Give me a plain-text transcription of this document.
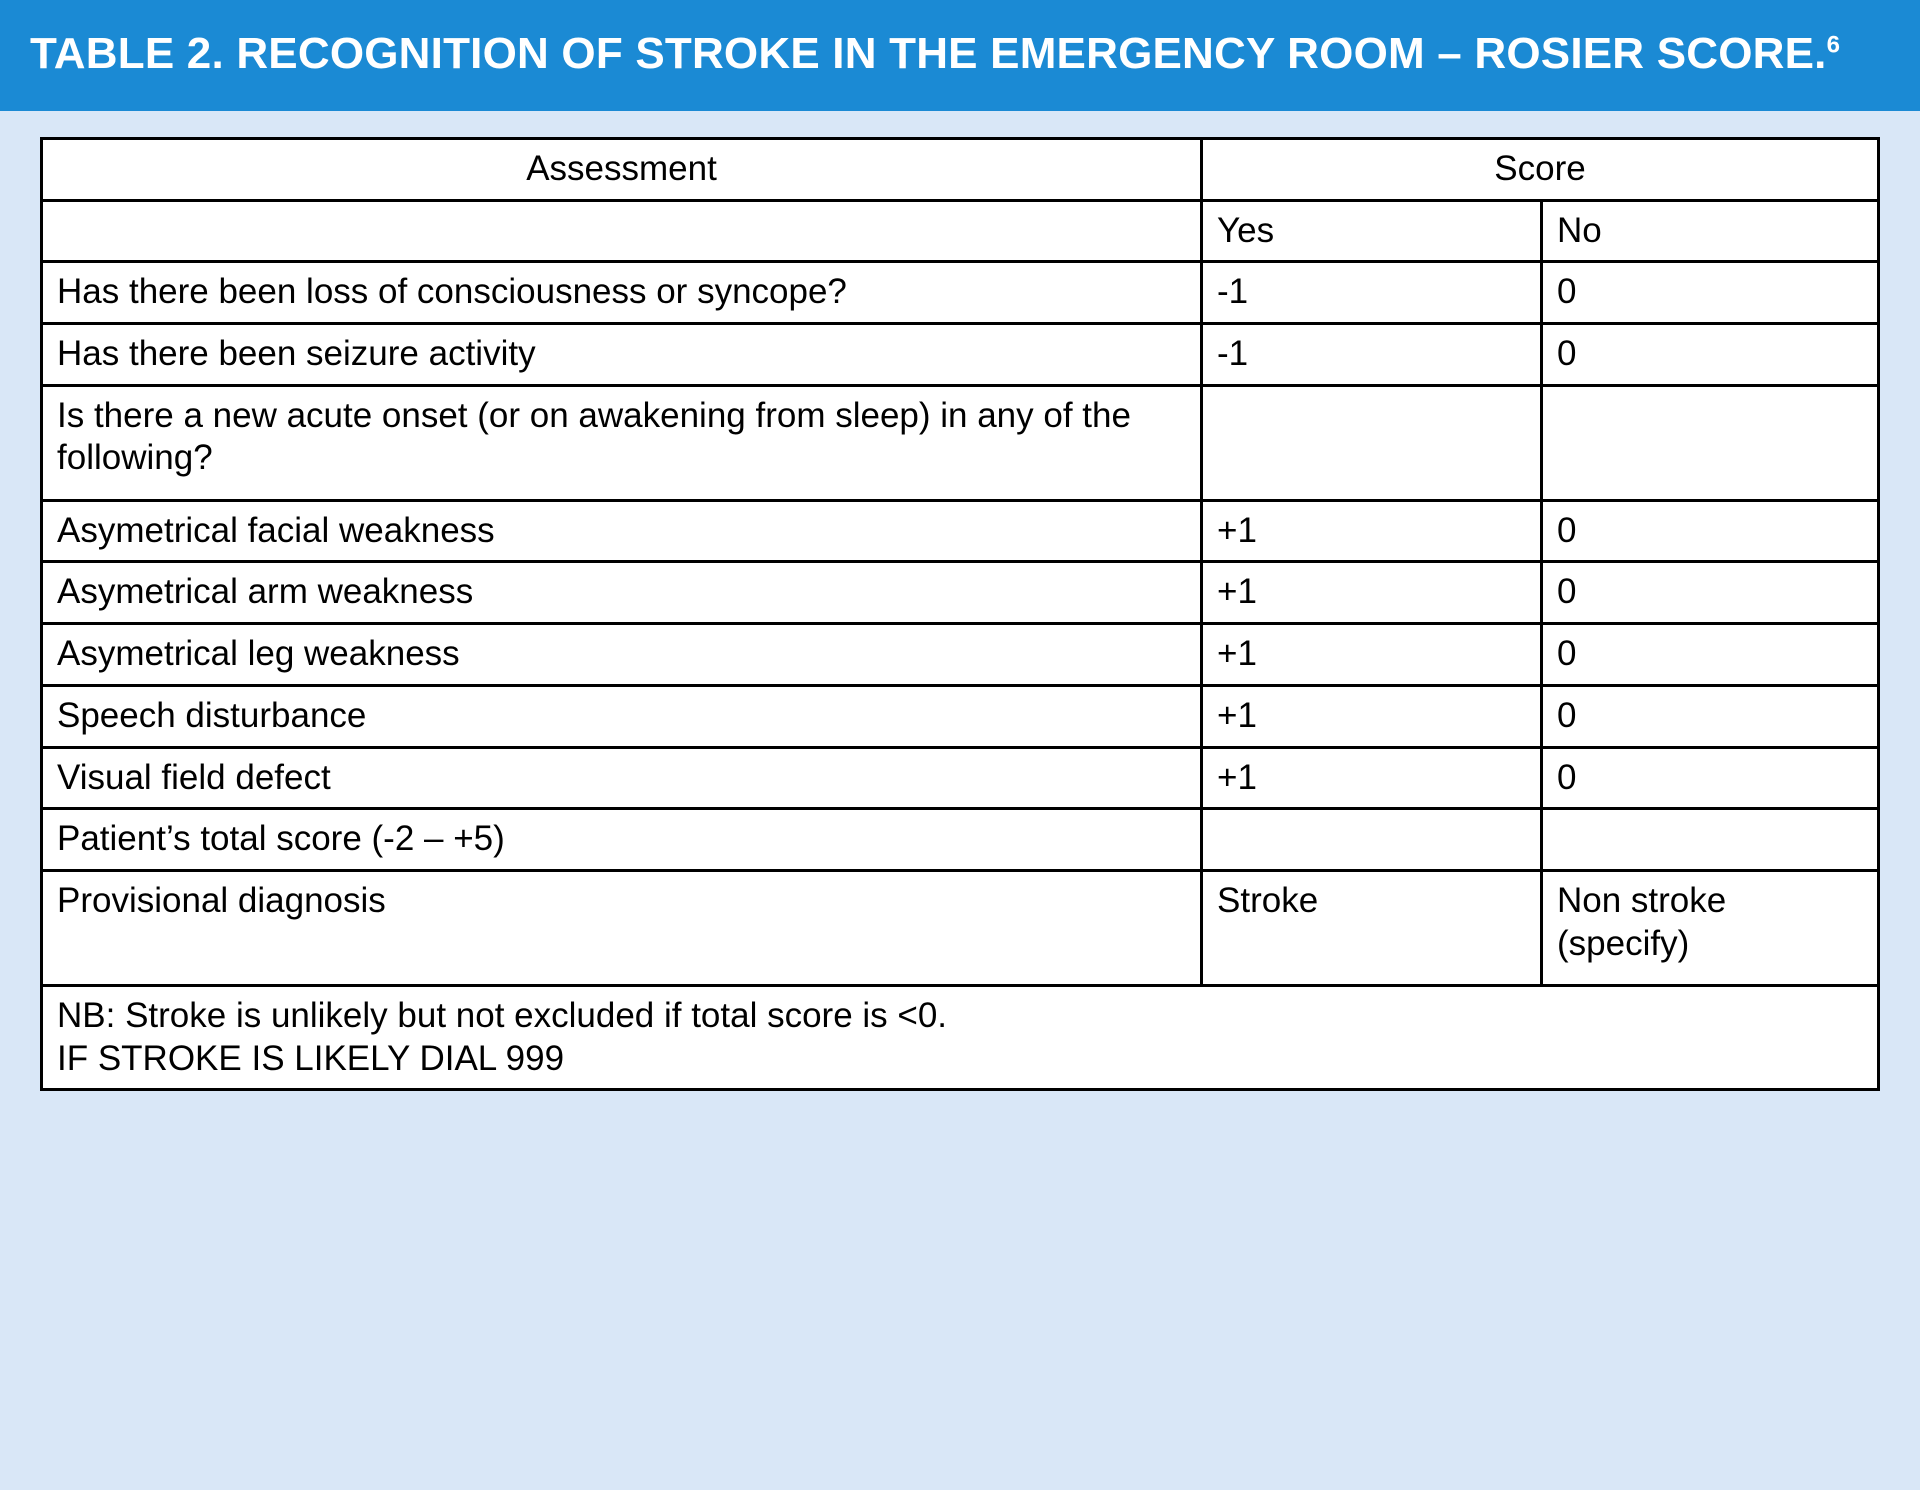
TABLE 2. RECOGNITION OF STROKE IN THE EMERGENCY ROOM – ROSIER SCORE.$^6$
Assessment	Score	
	Yes	No
Has there been loss of consciousness or syncope?	-1	0
Has there been seizure activity	-1	0
Is there a new acute onset (or on awakening from sleep) in any of the following?		
Asymetrical facial weakness	+1	0
Asymetrical arm weakness	+1	0
Asymetrical leg weakness	+1	0
Speech disturbance	+1	0
Visual field defect	+1	0
Patient’s total score (-2 – +5)		
Provisional diagnosis	Stroke	Non stroke (specify)

NB: Stroke is unlikely but not excluded if total score is <0.
IF STROKE IS LIKELY DIAL 999		
